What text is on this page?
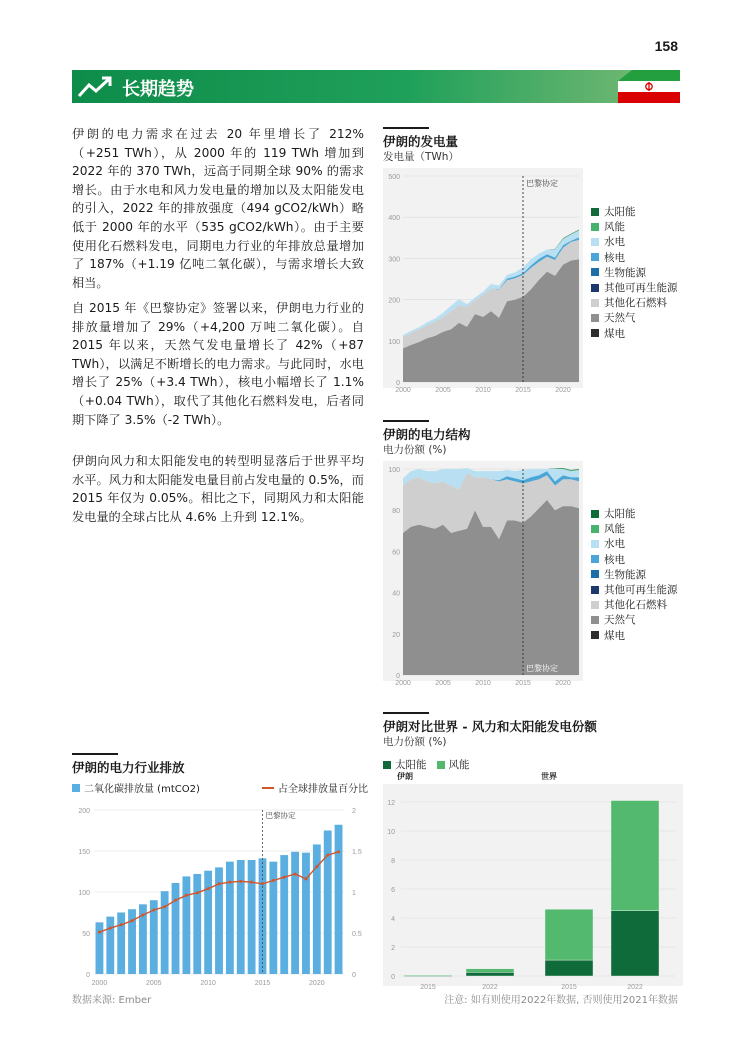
158
长期趋势

伊朗的电力需求在过去 20 年里增长了 212% （+251 TWh），从 2000 年的 119 TWh 增加到 2022 年的 370 TWh，远高于同期全球 90% 的需求增长。由于水电和风力发电量的增加以及太阳能发电的引入，2022 年的排放强度（494 gCO2/kWh）略低于 2000 年的水平（535 gCO2/kWh）。由于主要使用化石燃料发电，同期电力行业的年排放总量增加了 187%（+1.19 亿吨二氧化碳），与需求增长大致相当。

自 2015 年《巴黎协定》签署以来，伊朗电力行业的排放量增加了 29%（+4,200 万吨二氧化碳）。自 2015 年以来，天然气发电量增长了 42%（+87 TWh），以满足不断增长的电力需求。与此同时，水电增长了 25%（+3.4 TWh），核电小幅增长了 1.1%（+0.04 TWh），取代了其他化石燃料发电，后者同期下降了 3.5%（-2 TWh）。

伊朗向风力和太阳能发电的转型明显落后于世界平均水平。风力和太阳能发电量目前占发电量的 0.5%，而 2015 年仅为 0.05%。相比之下，同期风力和太阳能发电量的全球占比从 4.6% 上升到 12.1%。

伊朗的发电量
发电量（TWh）
0
100
200
300
400
500
2000	2005	2010	2015	2020
巴黎协定
太阳能
风能
水电
核电
生物能源
其他可再生能源
其他化石燃料
天然气
煤电
伊朗的电力结构
电力份额 (%)
0
20
40
60
80
100
2000	2005	2010	2015	2020
巴黎协定
太阳能
风能
水电
核电
生物能源
其他可再生能源
其他化石燃料
天然气
煤电
伊朗的电力行业排放
二氧化碳排放量 (mtCO2)	占全球排放量百分比
0
50
100
150
200
0
0.5
1
1.5
2
2000	2005	2010	2015	2020
巴黎协定
伊朗对比世界 - 风力和太阳能发电份额
电力份额 (%)
太阳能 风能
0
2
4
6
8
10
12
伊朗	世界
2015	2022	2015	2022
数据来源: Ember	注意: 如有则使用2022年数据, 否则使用2021年数据
